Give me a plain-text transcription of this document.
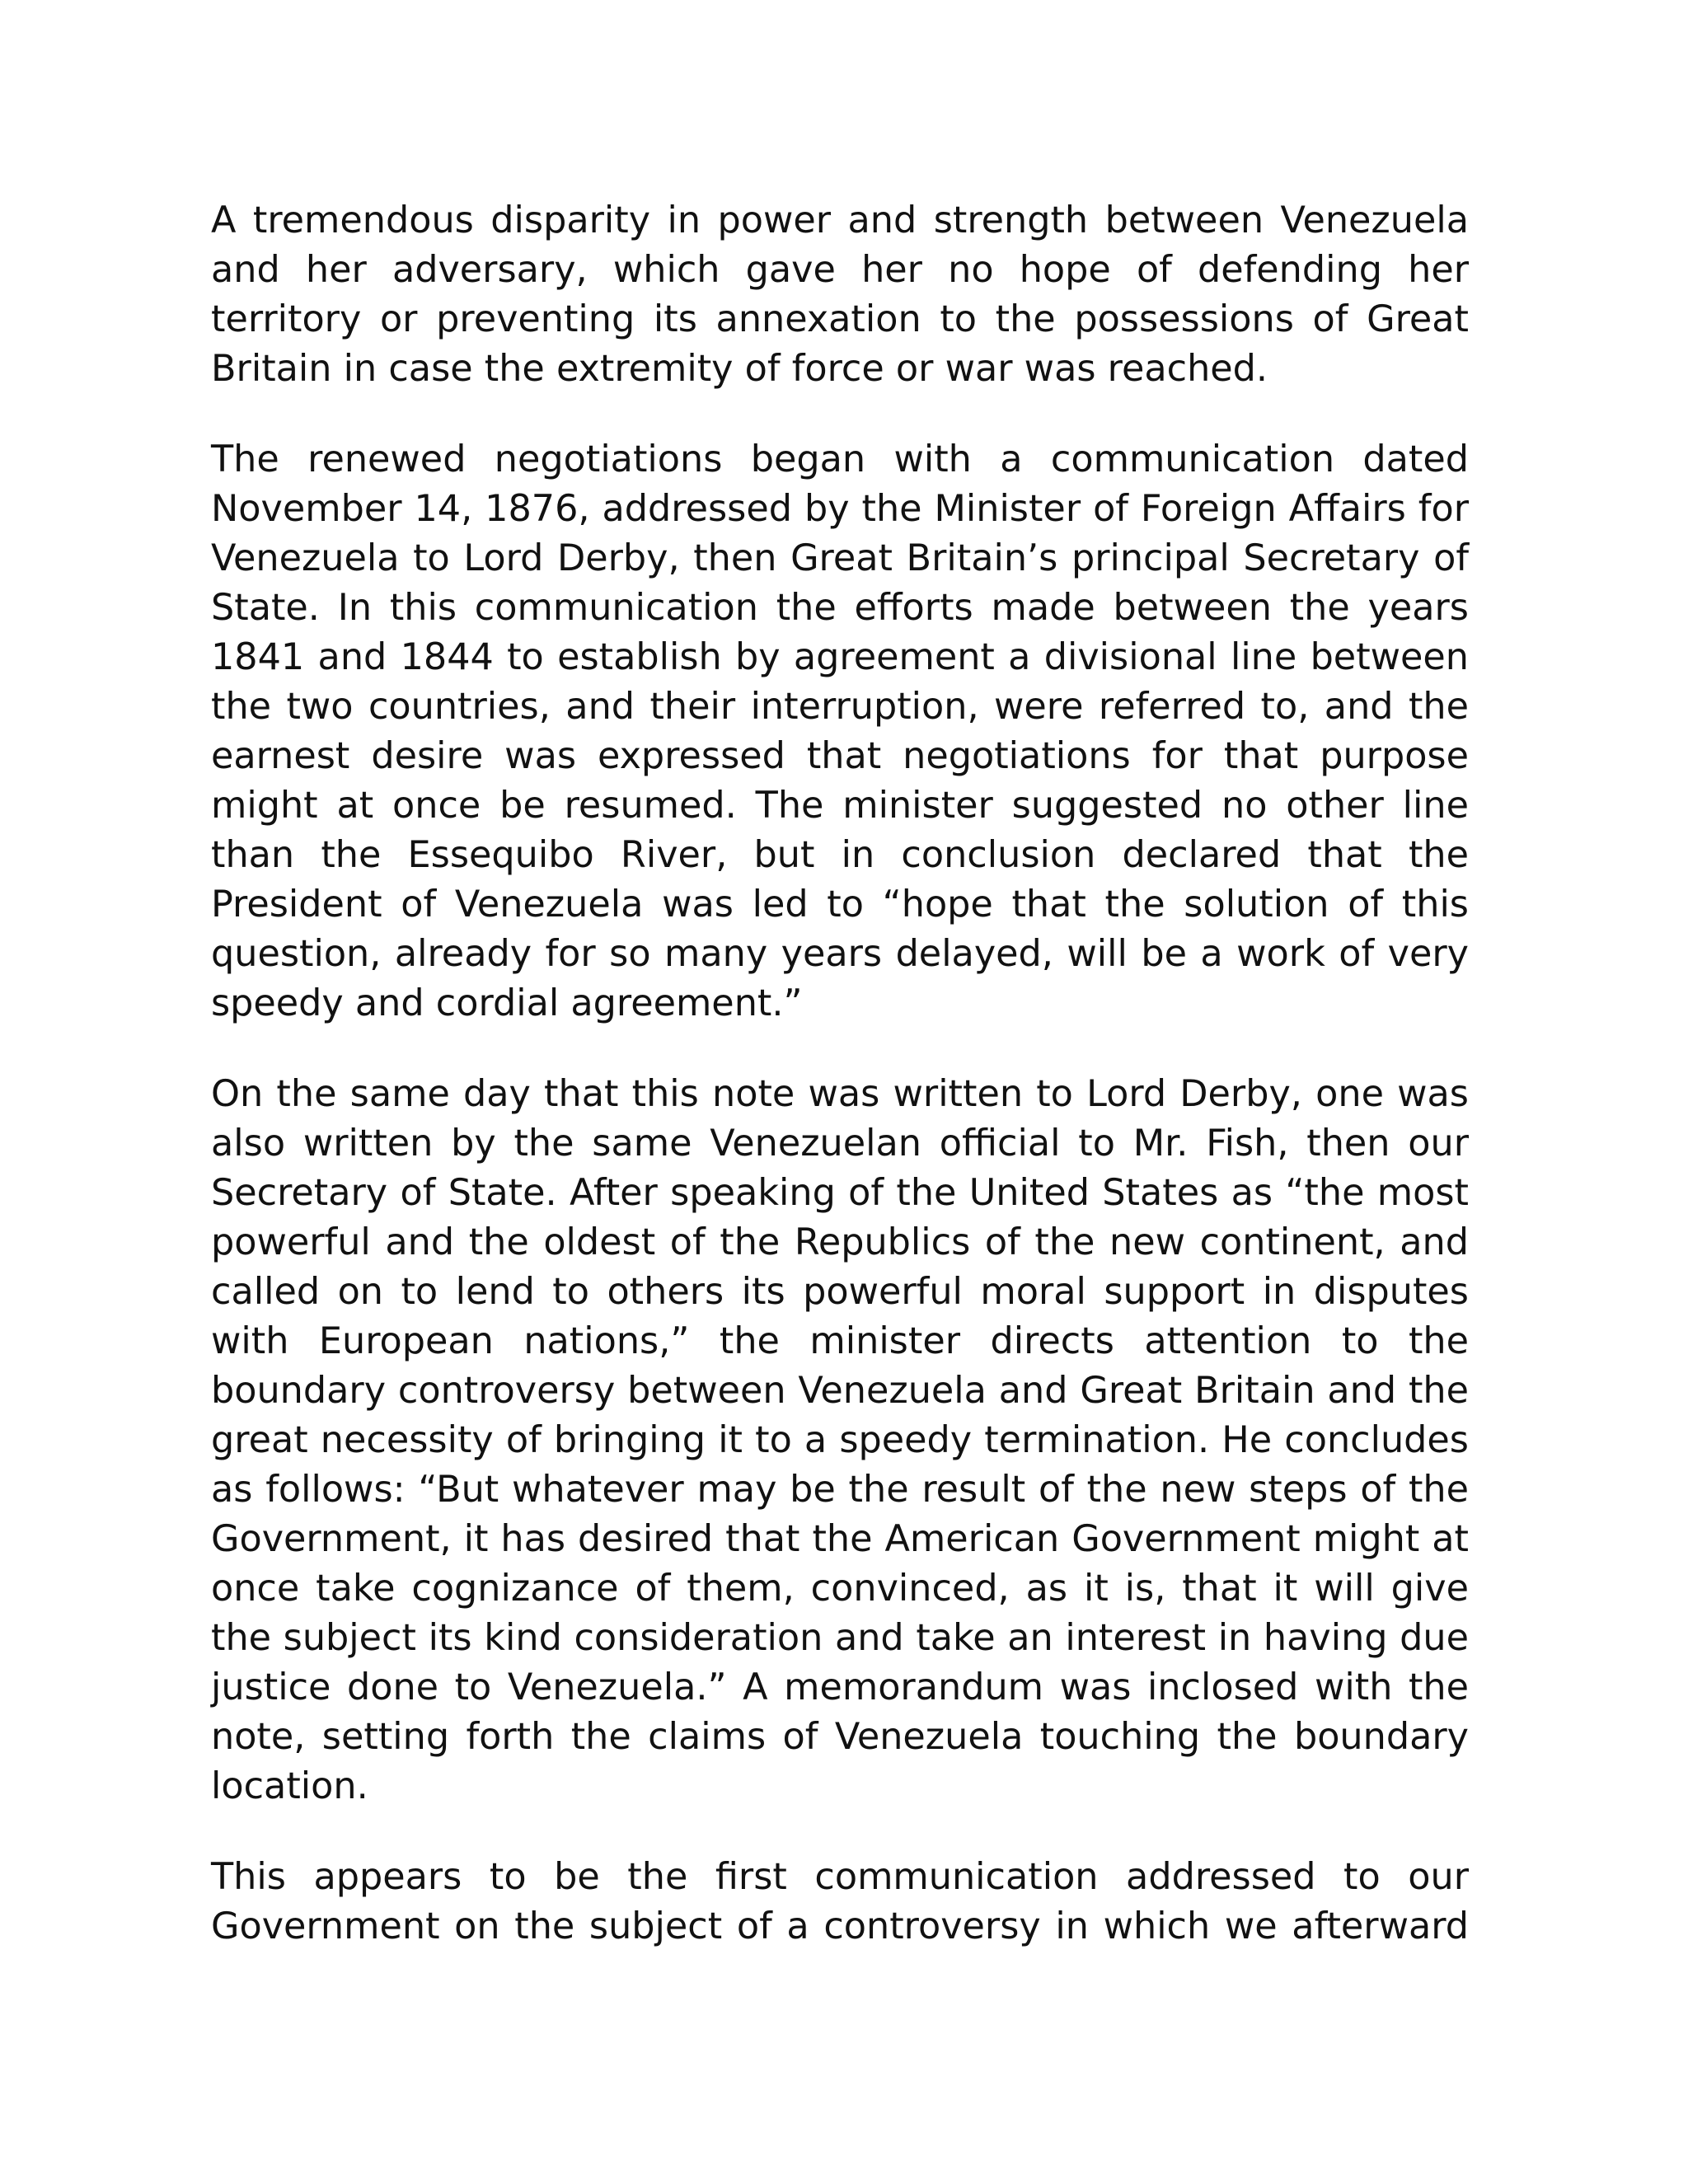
A tremendous disparity in power and strength between Venezuela and her adversary, which gave her no hope of defending her territory or preventing its annexation to the possessions of Great Britain in case the extremity of force or war was reached.

The renewed negotiations began with a communication dated November 14, 1876, addressed by the Minister of Foreign Affairs for Venezuela to Lord Derby, then Great Britain’s principal Secretary of State. In this communication the efforts made between the years 1841 and 1844 to establish by agreement a divisional line between the two countries, and their interruption, were referred to, and the earnest desire was expressed that negotiations for that purpose might at once be resumed. The minister suggested no other line than the Essequibo River, but in conclusion declared that the President of Venezuela was led to “hope that the solution of this question, already for so many years delayed, will be a work of very speedy and cordial agreement.”

On the same day that this note was written to Lord Derby, one was also written by the same Venezuelan official to Mr. Fish, then our Secretary of State. After speaking of the United States as “the most powerful and the oldest of the Republics of the new continent, and called on to lend to others its powerful moral support in disputes with European nations,” the minister directs attention to the boundary controversy between Venezuela and Great Britain and the great necessity of bringing it to a speedy termination. He concludes as follows: “But whatever may be the result of the new steps of the Government, it has desired that the American Government might at once take cognizance of them, convinced, as it is, that it will give the subject its kind consideration and take an interest in having due justice done to Venezuela.” A memorandum was inclosed with the note, setting forth the claims of Venezuela touching the boundary location.

This appears to be the first communication addressed to our Government on the subject of a controversy in which we afterward
